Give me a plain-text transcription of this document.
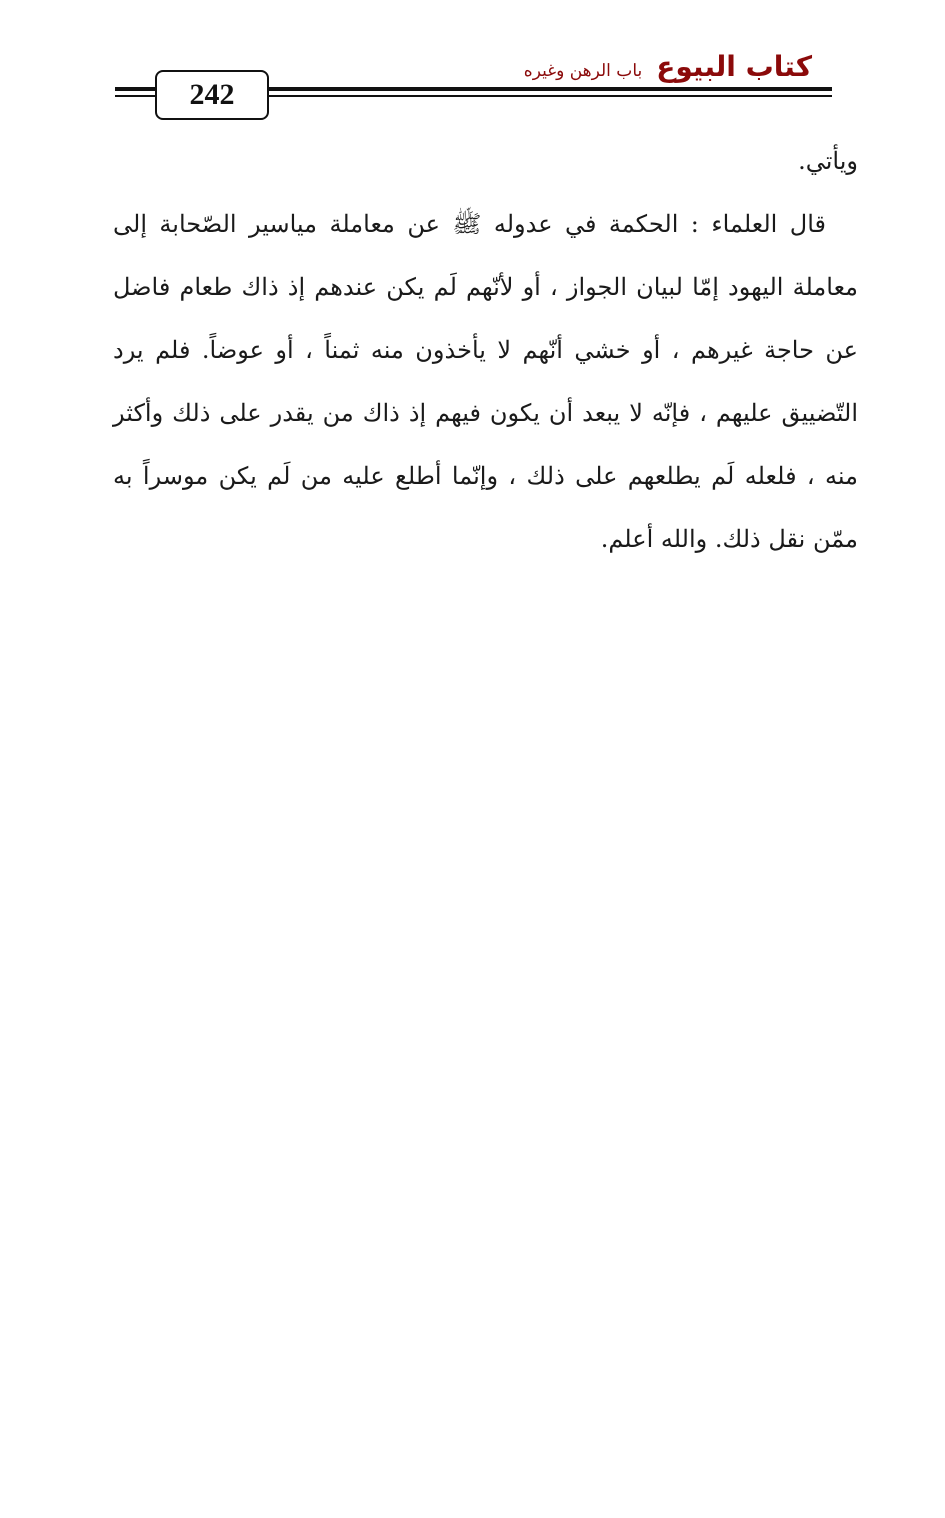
كتاب البيوع
باب الرهن وغيره
242

ويأتي.

قال العلماء : الحكمة في عدوله ﷺ عن معاملة مياسير الصّحابة إلى معاملة اليهود إمّا لبيان الجواز ، أو لأنّهم لَم يكن عندهم إذ ذاك طعام فاضل عن حاجة غيرهم ، أو خشي أنّهم لا يأخذون منه ثمناً ، أو عوضاً. فلم يرد التّضييق عليهم ، فإنّه لا يبعد أن يكون فيهم إذ ذاك من يقدر على ذلك وأكثر منه ، فلعله لَم يطلعهم على ذلك ، وإنّما أطلع عليه من لَم يكن موسراً به ممّن نقل ذلك. والله أعلم.
